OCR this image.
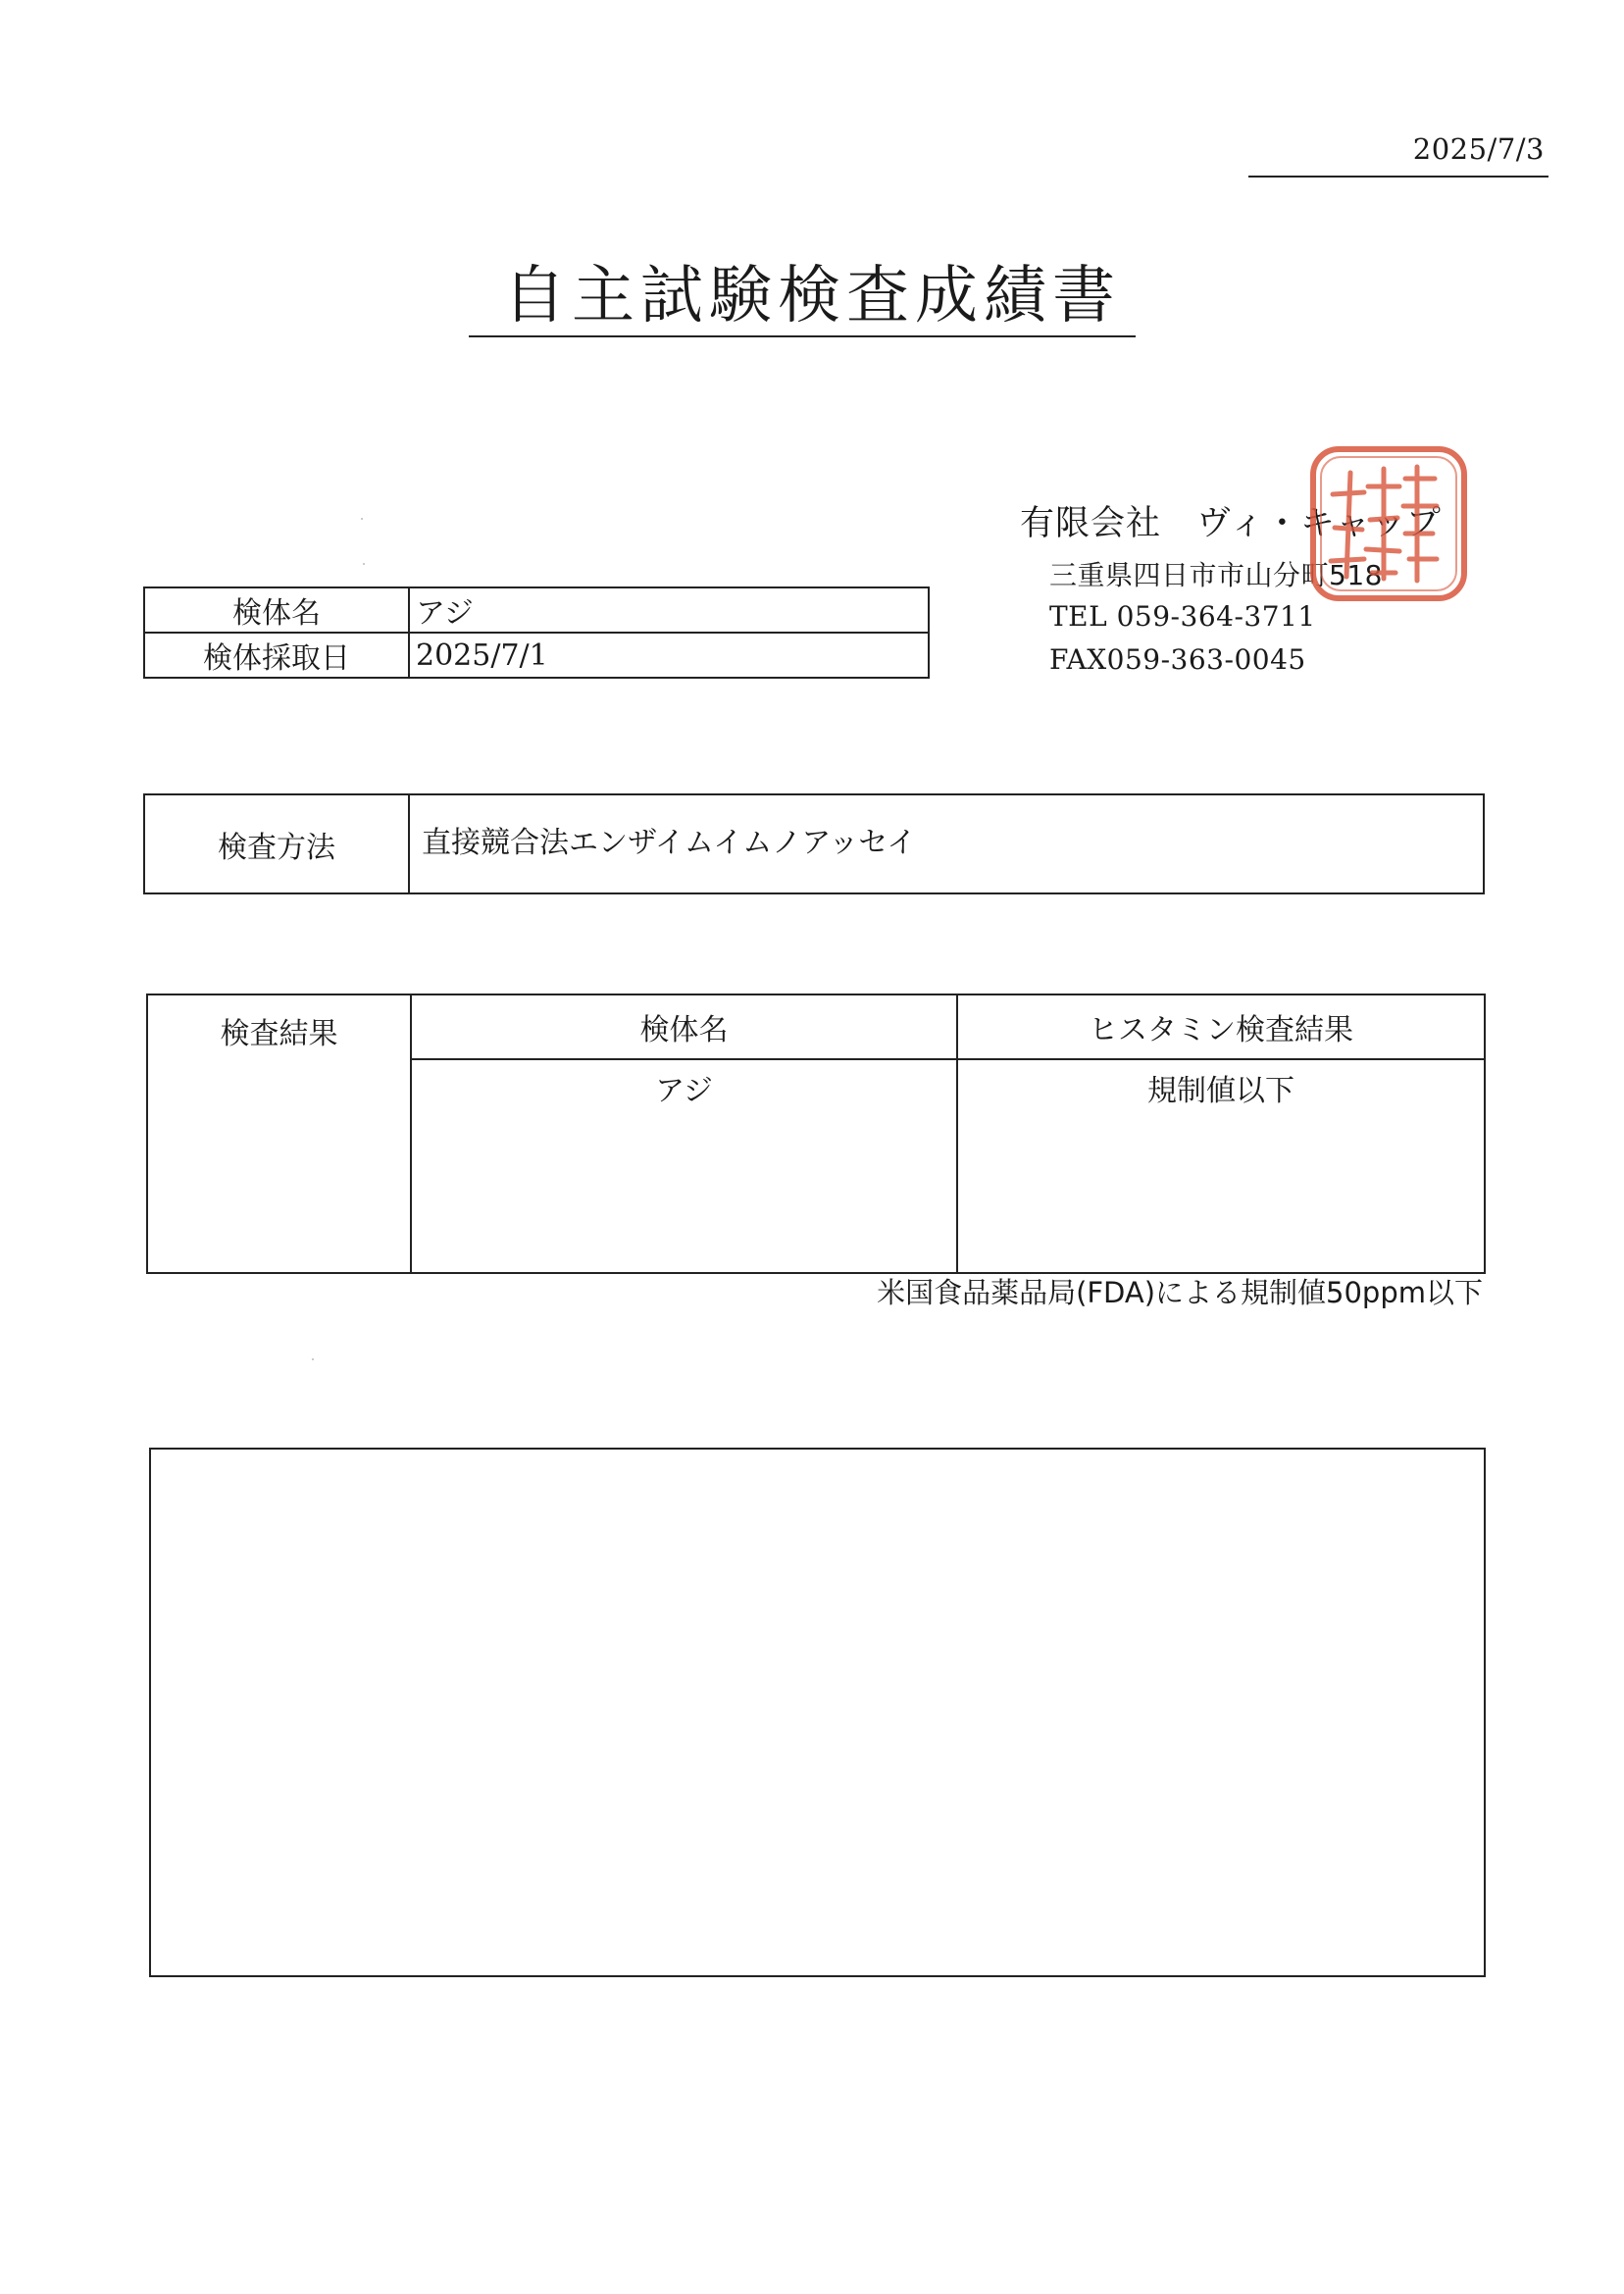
2025/7/3
自主試験検査成績書
有限会社　ヴィ・キャップ
三重県四日市市山分町518
TEL 059-364-3711
FAX059-363-0045
検体名	アジ
検体採取日	2025/7/1
検査方法	直接競合法エンザイムイムノアッセイ
検査結果	検体名	ヒスタミン検査結果
	アジ	規制値以下
米国食品薬品局(FDA)による規制値50ppm以下
